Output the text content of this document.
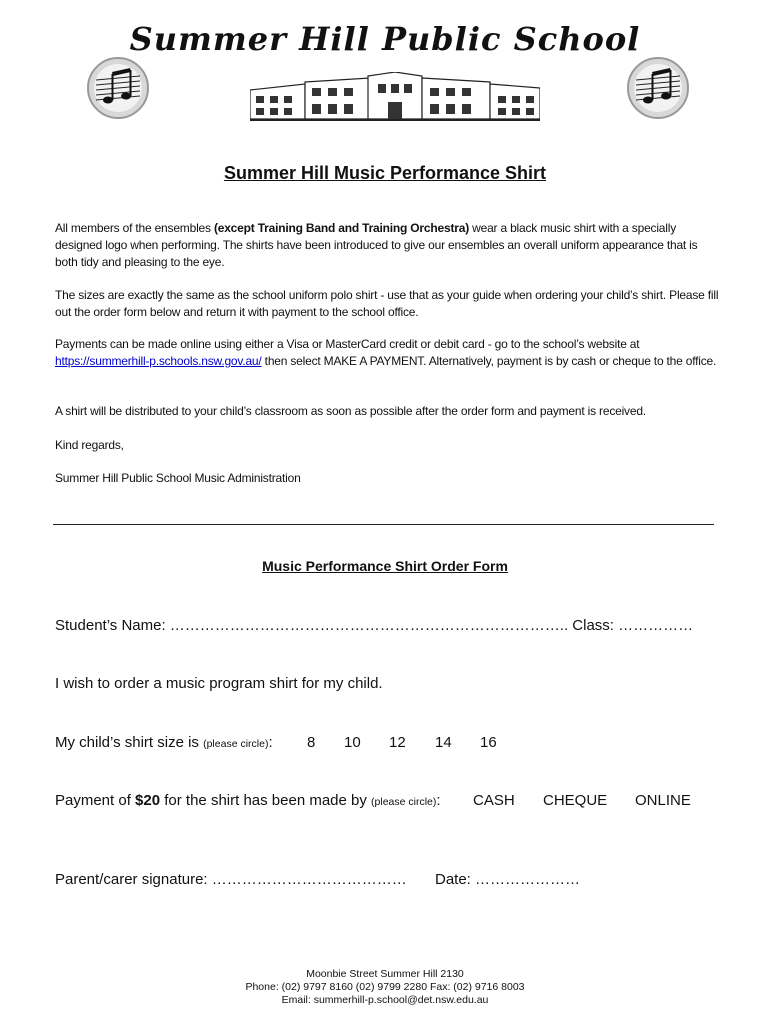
Summer Hill Public School
Summer Hill Music Performance Shirt
All members of the ensembles (except Training Band and Training Orchestra) wear a black music shirt with a specially designed logo when performing. The shirts have been introduced to give our ensembles an overall uniform appearance that is both tidy and pleasing to the eye.
The sizes are exactly the same as the school uniform polo shirt - use that as your guide when ordering your child’s shirt. Please fill out the order form below and return it with payment to the school office.
Payments can be made online using either a Visa or MasterCard credit or debit card - go to the school’s website at https://summerhill-p.schools.nsw.gov.au/ then select MAKE A PAYMENT. Alternatively, payment is by cash or cheque to the office.
A shirt will be distributed to your child’s classroom as soon as possible after the order form and payment is received.
Kind regards,
Summer Hill Public School Music Administration
Music Performance Shirt Order Form
Student’s Name: …………………………………………………………………….. Class: ……………
I wish to order a music program shirt for my child.
My child’s shirt size is (please circle): 8 10 12 14 16
Payment of $20 for the shirt has been made by (please circle): CASH CHEQUE ONLINE
Parent/carer signature: ………………………………… Date: …………………
Moonbie Street Summer Hill 2130
Phone: (02) 9797 8160 (02) 9799 2280 Fax: (02) 9716 8003
Email: summerhill-p.school@det.nsw.edu.au
